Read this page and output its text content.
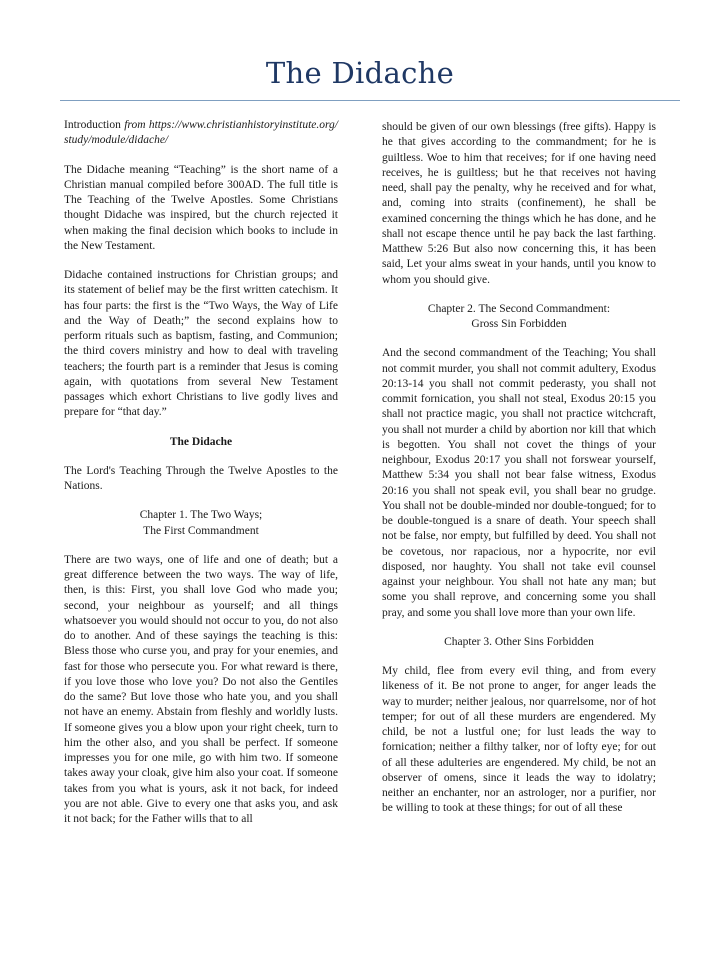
The Didache

Introduction from https://www.christianhistoryinstitute.org/study/module/didache/

The Didache meaning “Teaching” is the short name of a Christian manual compiled before 300AD. The full title is The Teaching of the Twelve Apostles. Some Christians thought Didache was inspired, but the church rejected it when making the final decision which books to include in the New Testament.

Didache contained instructions for Christian groups; and its statement of belief may be the first written catechism. It has four parts: the first is the “Two Ways, the Way of Life and the Way of Death;” the second explains how to perform rituals such as baptism, fasting, and Communion; the third covers ministry and how to deal with traveling teachers; the fourth part is a reminder that Jesus is coming again, with quotations from several New Testament passages which exhort Christians to live godly lives and prepare for “that day.”

The Didache

The Lord's Teaching Through the Twelve Apostles to the Nations.

Chapter 1. The Two Ways;
The First Commandment

There are two ways, one of life and one of death; but a great difference between the two ways. The way of life, then, is this: First, you shall love God who made you; second, your neighbour as yourself; and all things whatsoever you would should not occur to you, do not also do to another. And of these sayings the teaching is this: Bless those who curse you, and pray for your enemies, and fast for those who persecute you. For what reward is there, if you love those who love you? Do not also the Gentiles do the same? But love those who hate you, and you shall not have an enemy. Abstain from fleshly and worldly lusts. If someone gives you a blow upon your right cheek, turn to him the other also, and you shall be perfect. If someone impresses you for one mile, go with him two. If someone takes away your cloak, give him also your coat. If someone takes from you what is yours, ask it not back, for indeed you are not able. Give to every one that asks you, and ask it not back; for the Father wills that to all

should be given of our own blessings (free gifts). Happy is he that gives according to the commandment; for he is guiltless. Woe to him that receives; for if one having need receives, he is guiltless; but he that receives not having need, shall pay the penalty, why he received and for what, and, coming into straits (confinement), he shall be examined concerning the things which he has done, and he shall not escape thence until he pay back the last farthing. Matthew 5:26 But also now concerning this, it has been said, Let your alms sweat in your hands, until you know to whom you should give.

Chapter 2. The Second Commandment:
Gross Sin Forbidden

And the second commandment of the Teaching; You shall not commit murder, you shall not commit adultery, Exodus 20:13-14 you shall not commit pederasty, you shall not commit fornication, you shall not steal, Exodus 20:15 you shall not practice magic, you shall not practice witchcraft, you shall not murder a child by abortion nor kill that which is begotten. You shall not covet the things of your neighbour, Exodus 20:17 you shall not forswear yourself, Matthew 5:34 you shall not bear false witness, Exodus 20:16 you shall not speak evil, you shall bear no grudge. You shall not be double-minded nor double-tongued; for to be double-tongued is a snare of death. Your speech shall not be false, nor empty, but fulfilled by deed. You shall not be covetous, nor rapacious, nor a hypocrite, nor evil disposed, nor haughty. You shall not take evil counsel against your neighbour. You shall not hate any man; but some you shall reprove, and concerning some you shall pray, and some you shall love more than your own life.

Chapter 3. Other Sins Forbidden

My child, flee from every evil thing, and from every likeness of it. Be not prone to anger, for anger leads the way to murder; neither jealous, nor quarrelsome, nor of hot temper; for out of all these murders are engendered. My child, be not a lustful one; for lust leads the way to fornication; neither a filthy talker, nor of lofty eye; for out of all these adulteries are engendered. My child, be not an observer of omens, since it leads the way to idolatry; neither an enchanter, nor an astrologer, nor a purifier, nor be willing to took at these things; for out of all these
